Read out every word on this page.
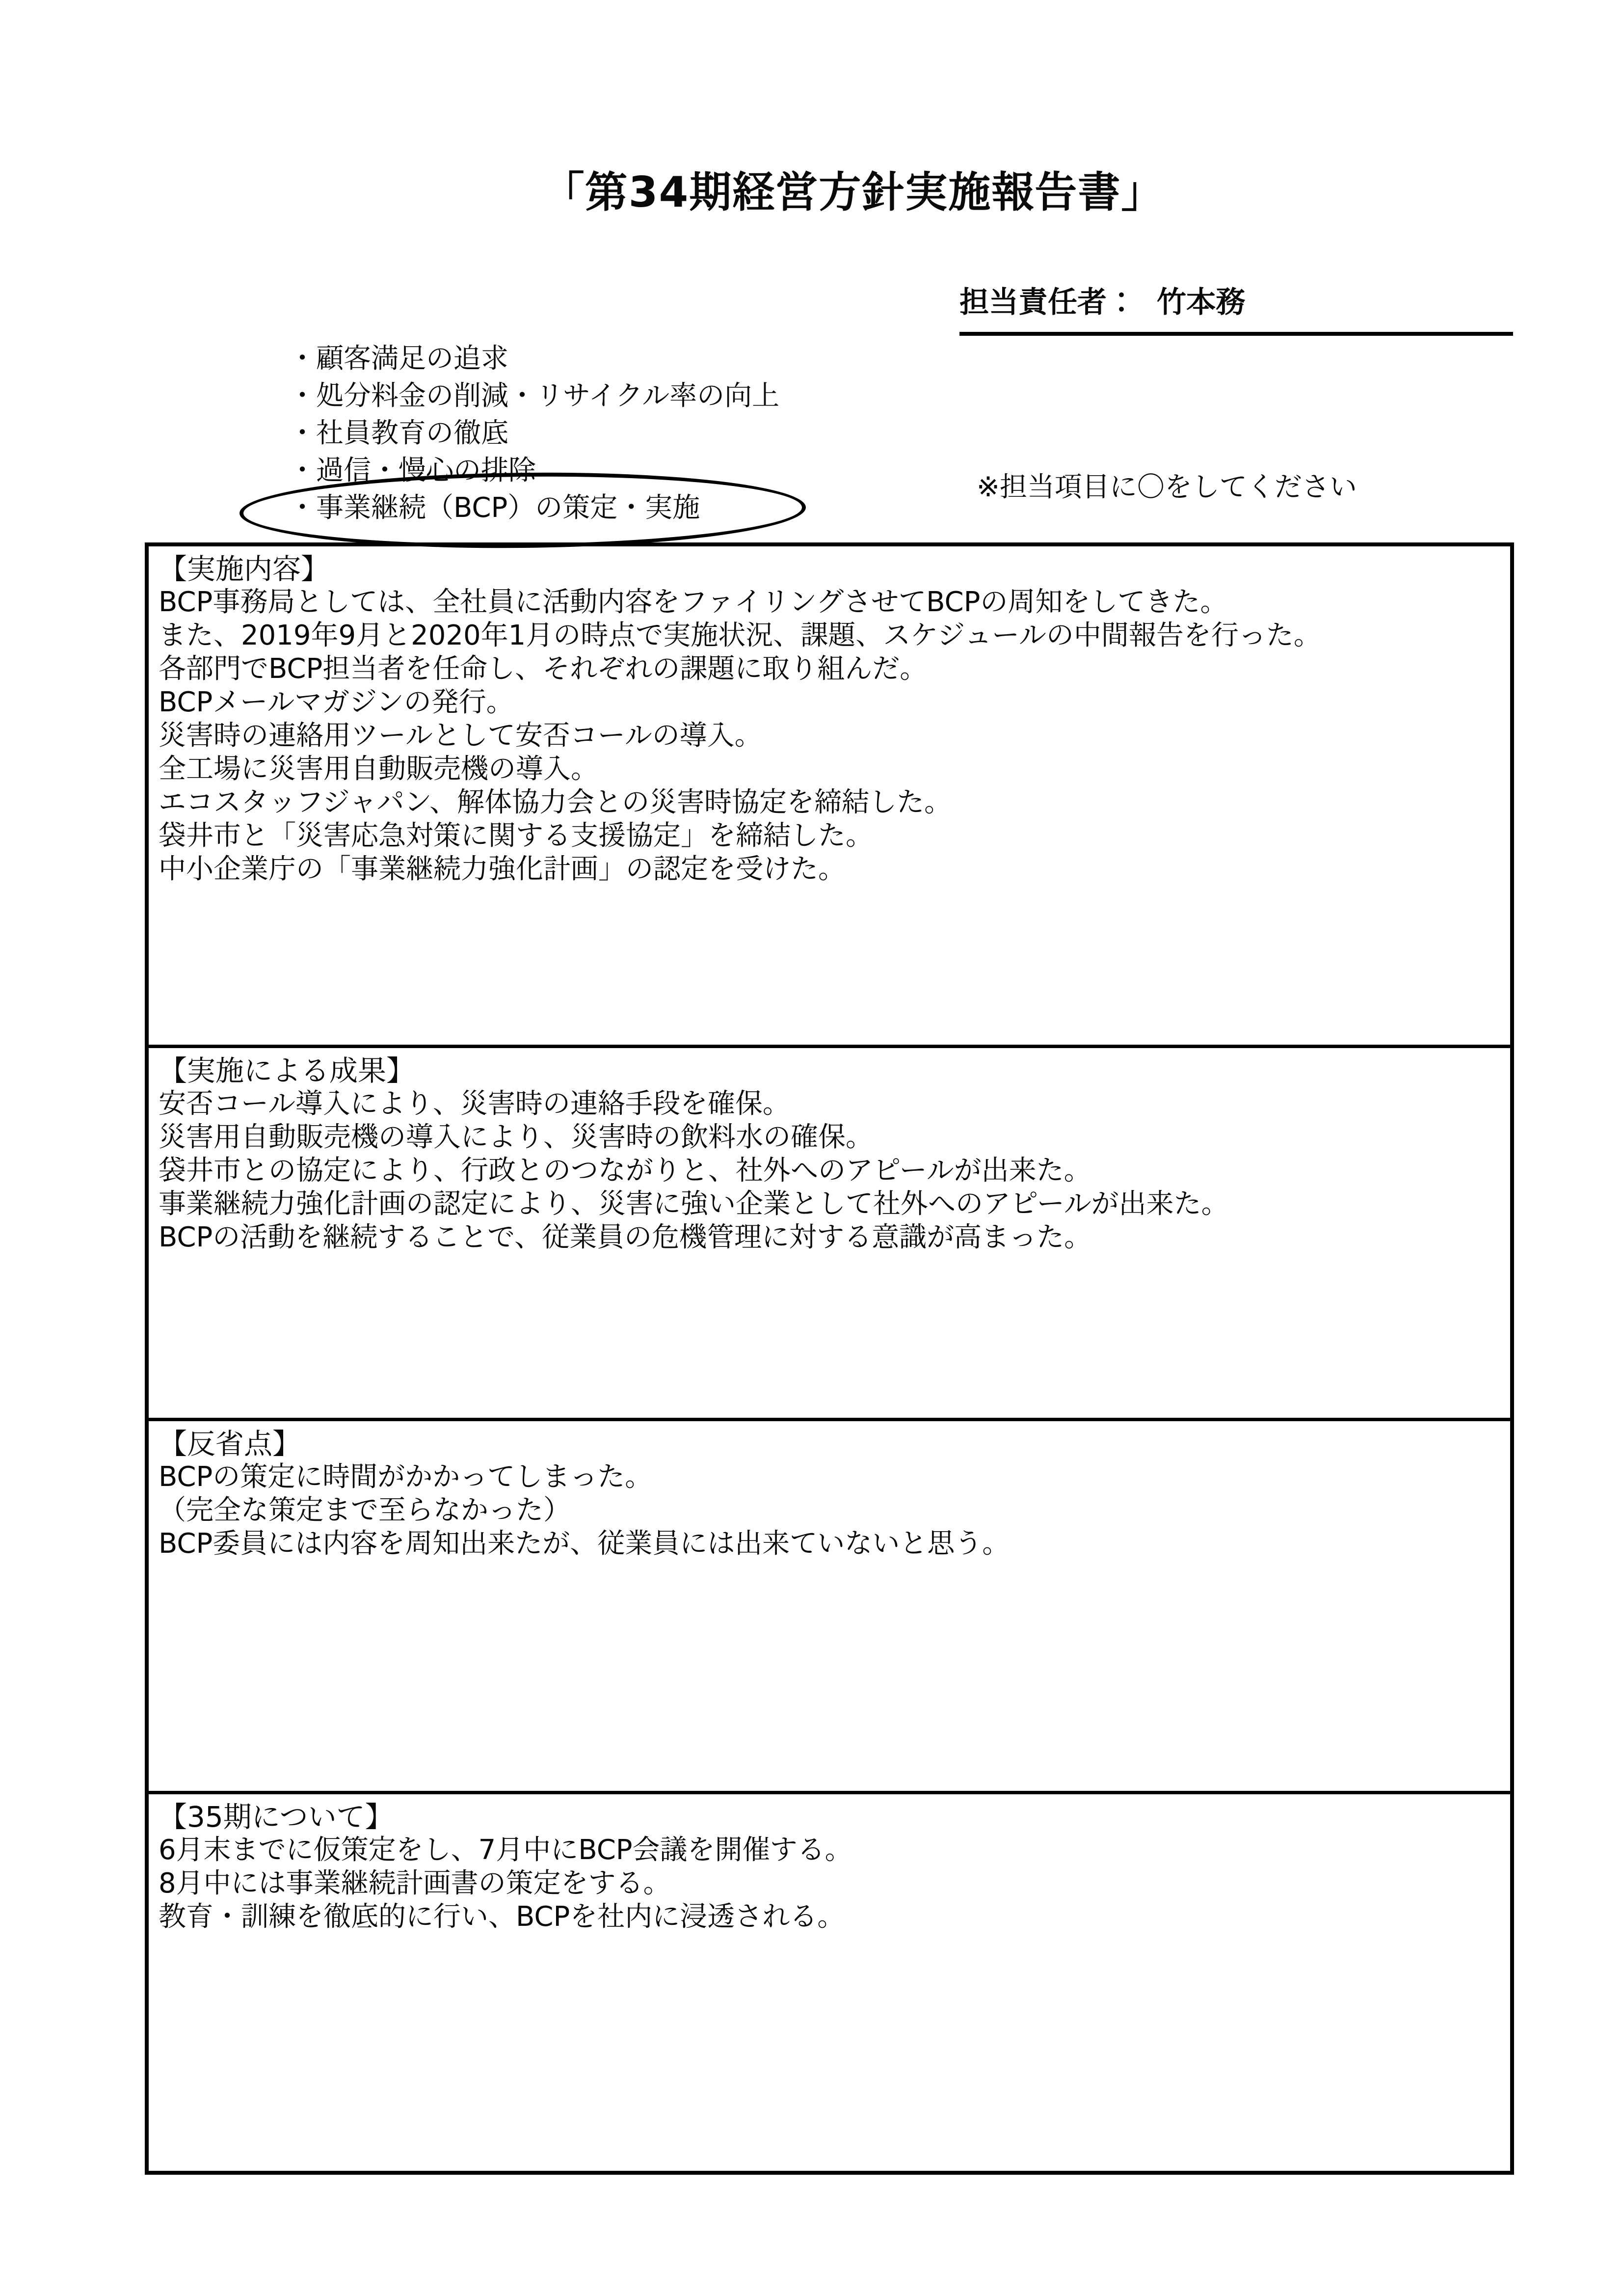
「第34期経営方針実施報告書」
担当責任者： 竹本務
・顧客満足の追求
・処分料金の削減・リサイクル率の向上
・社員教育の徹底
・過信・慢心の排除
・事業継続（BCP）の策定・実施
※担当項目に〇をしてください
【実施内容】
BCP事務局としては、全社員に活動内容をファイリングさせてBCPの周知をしてきた。
また、2019年9月と2020年1月の時点で実施状況、課題、スケジュールの中間報告を行った。
各部門でBCP担当者を任命し、それぞれの課題に取り組んだ。
BCPメールマガジンの発行。
災害時の連絡用ツールとして安否コールの導入。
全工場に災害用自動販売機の導入。
エコスタッフジャパン、解体協力会との災害時協定を締結した。
袋井市と「災害応急対策に関する支援協定」を締結した。
中小企業庁の「事業継続力強化計画」の認定を受けた。
【実施による成果】
安否コール導入により、災害時の連絡手段を確保。
災害用自動販売機の導入により、災害時の飲料水の確保。
袋井市との協定により、行政とのつながりと、社外へのアピールが出来た。
事業継続力強化計画の認定により、災害に強い企業として社外へのアピールが出来た。
BCPの活動を継続することで、従業員の危機管理に対する意識が高まった。
【反省点】
BCPの策定に時間がかかってしまった。
（完全な策定まで至らなかった）
BCP委員には内容を周知出来たが、従業員には出来ていないと思う。
【35期について】
6月末までに仮策定をし、7月中にBCP会議を開催する。
8月中には事業継続計画書の策定をする。
教育・訓練を徹底的に行い、BCPを社内に浸透される。
